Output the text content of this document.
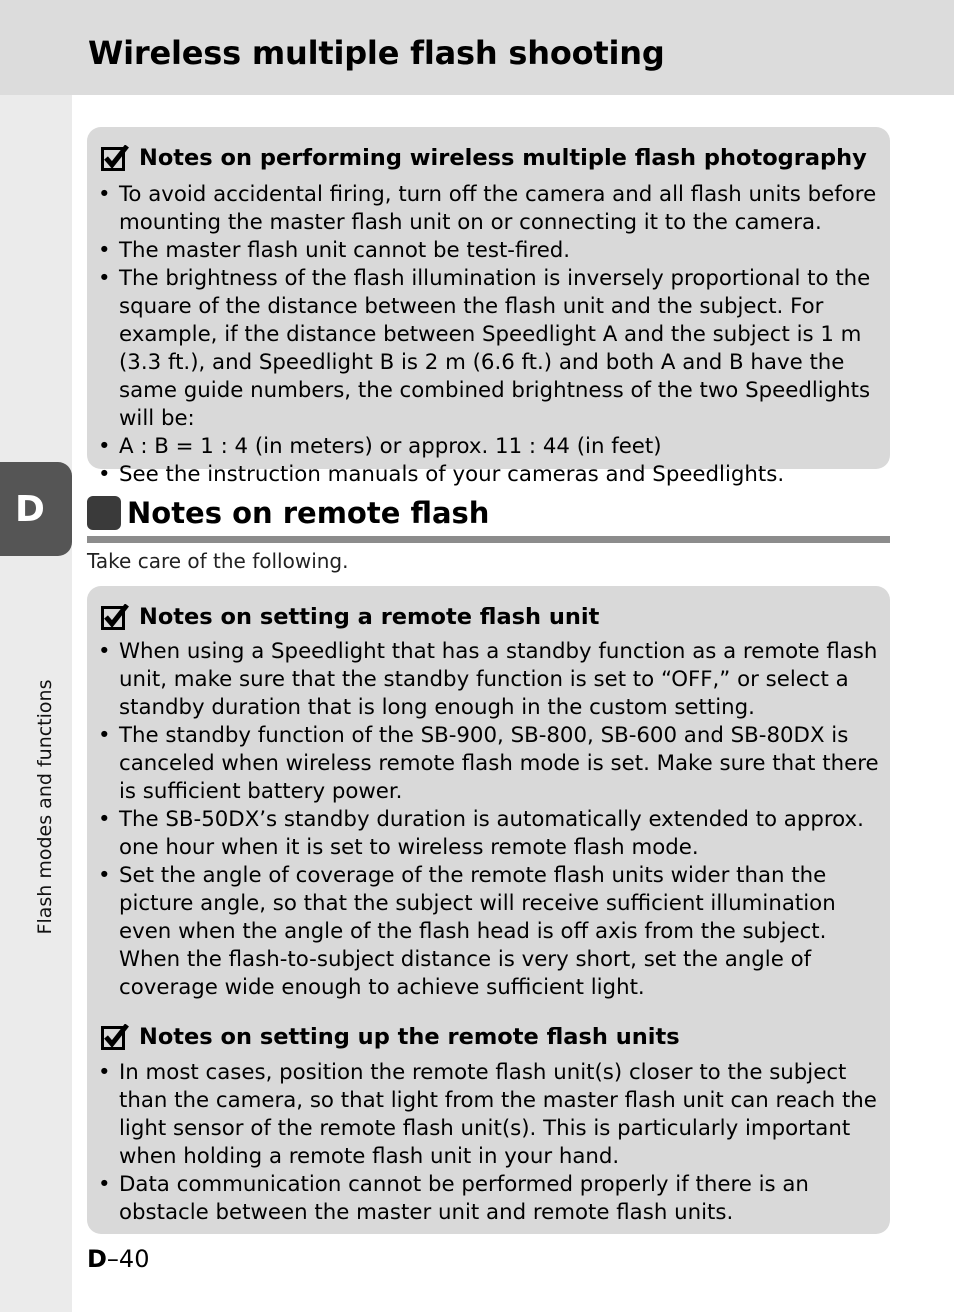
Wireless multiple flash shooting
Flash modes and functions
D
Notes on performing wireless multiple flash photography
• To avoid accidental firing, turn off the camera and all flash units before mounting the master flash unit on or connecting it to the camera.
• The master flash unit cannot be test-fired.
• The brightness of the flash illumination is inversely proportional to the square of the distance between the flash unit and the subject. For example, if the distance between Speedlight A and the subject is 1 m (3.3 ft.), and Speedlight B is 2 m (6.6 ft.) and both A and B have the same guide numbers, the combined brightness of the two Speedlights will be:
• A : B = 1 : 4 (in meters) or approx. 11 : 44 (in feet)
• See the instruction manuals of your cameras and Speedlights.
Notes on remote flash
Take care of the following.
Notes on setting a remote flash unit
• When using a Speedlight that has a standby function as a remote flash unit, make sure that the standby function is set to “OFF,” or select a standby duration that is long enough in the custom setting.
• The standby function of the SB-900, SB-800, SB-600 and SB-80DX is canceled when wireless remote flash mode is set. Make sure that there is sufficient battery power.
• The SB-50DX’s standby duration is automatically extended to approx. one hour when it is set to wireless remote flash mode.
• Set the angle of coverage of the remote flash units wider than the picture angle, so that the subject will receive sufficient illumination even when the angle of the flash head is off axis from the subject. When the flash-to-subject distance is very short, set the angle of coverage wide enough to achieve sufficient light.
Notes on setting up the remote flash units
• In most cases, position the remote flash unit(s) closer to the subject than the camera, so that light from the master flash unit can reach the light sensor of the remote flash unit(s). This is particularly important when holding a remote flash unit in your hand.
• Data communication cannot be performed properly if there is an obstacle between the master unit and remote flash units.
D–40
